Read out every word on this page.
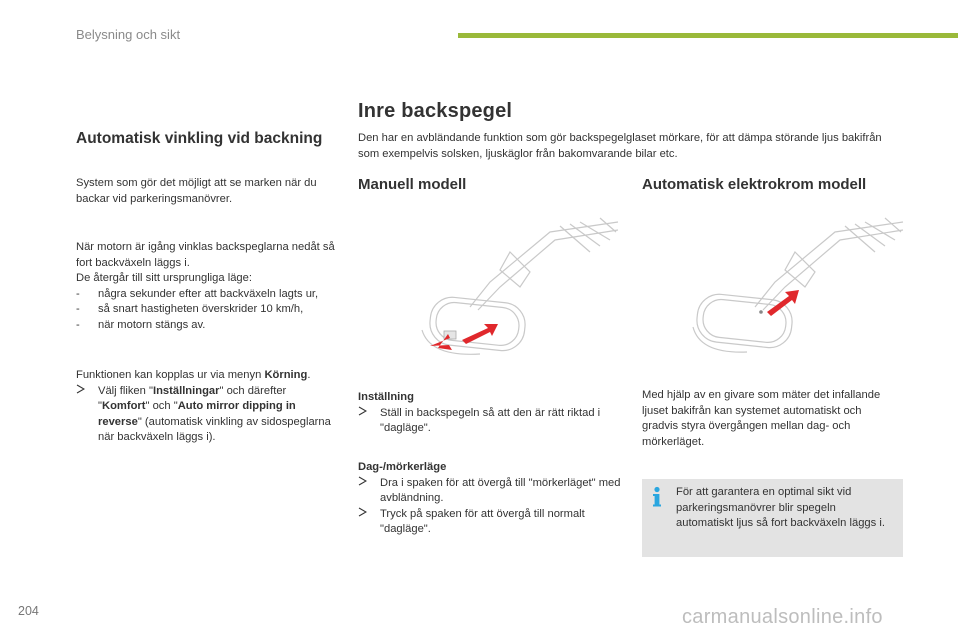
Belysning och sikt
Inre backspegel

Den har en avbländande funktion som gör backspegelglaset mörkare, för att dämpa störande ljus bakifrån som exempelvis solsken, ljuskäglor från bakomvarande bilar etc.

Automatisk vinkling vid backning

System som gör det möjligt att se marken när du backar vid parkeringsmanövrer.

När motorn är igång vinklas backspeglarna nedåt så fort backväxeln läggs i.
De återgår till sitt ursprungliga läge:
- några sekunder efter att backväxeln lagts ur,
- så snart hastigheten överskrider 10 km/h,
- när motorn stängs av.
Funktionen kan kopplas ur via menyn Körning.
Välj fliken "Inställningar" och därefter "Komfort" och "Auto mirror dipping in reverse" (automatisk vinkling av sidospeglarna när backväxeln läggs i).
Manuell modell
Inställning
Ställ in backspegeln så att den är rätt riktad i "dagläge".
Dag-/mörkerläge
Dra i spaken för att övergå till "mörkerläget" med avbländning.
Tryck på spaken för att övergå till normalt "dagläge".
Automatisk elektrokrom modell

Med hjälp av en givare som mäter det infallande ljuset bakifrån kan systemet automatiskt och gradvis styra övergången mellan dag- och mörkerläget.

För att garantera en optimal sikt vid parkeringsmanövrer blir spegeln automatiskt ljus så fort backväxeln läggs i.

204	carmanualsonline.info
